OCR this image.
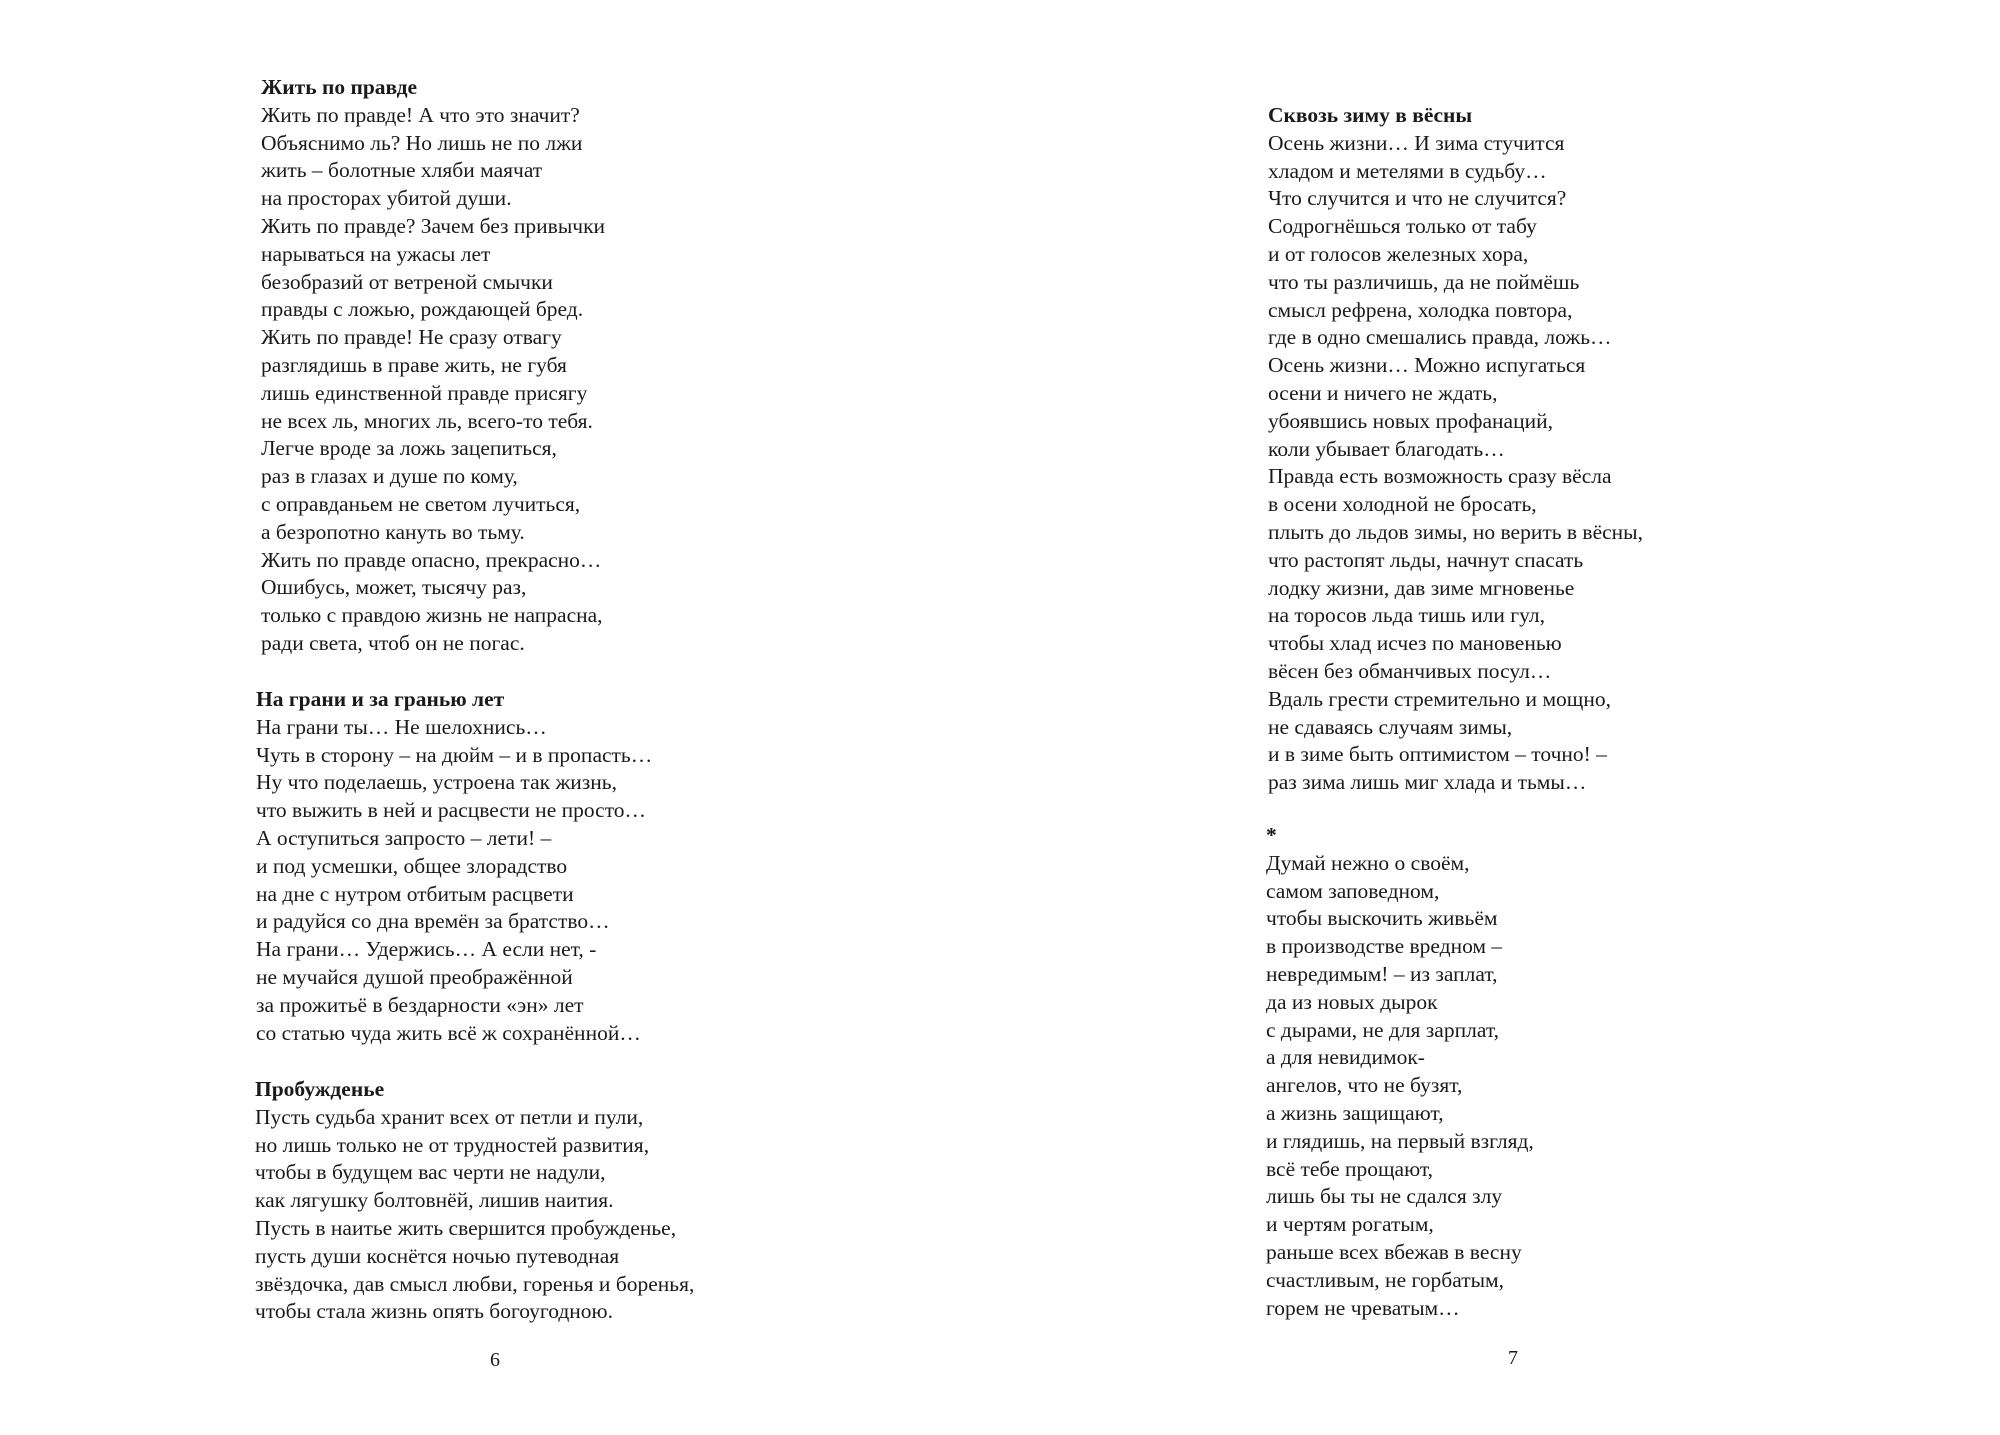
Жить по правде
Жить по правде! А что это значит?
Объяснимо ль? Но лишь не по лжи
жить – болотные хляби маячат
на просторах убитой души.
Жить по правде? Зачем без привычки
нарываться на ужасы лет
безобразий от ветреной смычки
правды с ложью, рождающей бред.
Жить по правде! Не сразу отвагу
разглядишь в праве жить, не губя
лишь единственной правде присягу
не всех ль, многих ль, всего-то тебя.
Легче вроде за ложь зацепиться,
раз в глазах и душе по кому,
с оправданьем не светом лучиться,
а безропотно кануть во тьму.
Жить по правде опасно, прекрасно…
Ошибусь, может, тысячу раз,
только с правдою жизнь не напрасна,
ради света, чтоб он не погас.
На грани и за гранью лет
На грани ты… Не шелохнись…
Чуть в сторону – на дюйм – и в пропасть…
Ну что поделаешь, устроена так жизнь,
что выжить в ней и расцвести не просто…
А оступиться запросто – лети! –
и под усмешки, общее злорадство
на дне с нутром отбитым расцвети
и радуйся со дна времён за братство…
На грани… Удержись… А если нет, -
не мучайся душой преображённой
за прожитьё в бездарности «эн» лет
со статью чуда жить всё ж сохранённой…
Пробужденье
Пусть судьба хранит всех от петли и пули,
но лишь только не от трудностей развития,
чтобы в будущем вас черти не надули,
как лягушку болтовнёй, лишив наития.
Пусть в наитье жить свершится пробужденье,
пусть души коснётся ночью путеводная
звёздочка, дав смысл любви, горенья и боренья,
чтобы стала жизнь опять богоугодною.
6
Сквозь зиму в вёсны
Осень жизни… И зима стучится
хладом и метелями в судьбу…
Что случится и что не случится?
Содрогнёшься только от табу
и от голосов железных хора,
что ты различишь, да не поймёшь
смысл рефрена, холодка повтора,
где в одно смешались правда, ложь…
Осень жизни… Можно испугаться
осени и ничего не ждать,
убоявшись новых профанаций,
коли убывает благодать…
Правда есть возможность сразу вёсла
в осени холодной не бросать,
плыть до льдов зимы, но верить в вёсны,
что растопят льды, начнут спасать
лодку жизни, дав зиме мгновенье
на торосов льда тишь или гул,
чтобы хлад исчез по мановенью
вёсен без обманчивых посул…
Вдаль грести стремительно и мощно,
не сдаваясь случаям зимы,
и в зиме быть оптимистом – точно! –
раз зима лишь миг хлада и тьмы…
*
Думай нежно о своём,
самом заповедном,
чтобы выскочить живьём
в производстве вредном –
невредимым! – из заплат,
да из новых дырок
с дырами, не для зарплат,
а для невидимок-
ангелов, что не бузят,
а жизнь защищают,
и глядишь, на первый взгляд,
всё тебе прощают,
лишь бы ты не сдался злу
и чертям рогатым,
раньше всех вбежав в весну
счастливым, не горбатым,
горем не чреватым…
7
